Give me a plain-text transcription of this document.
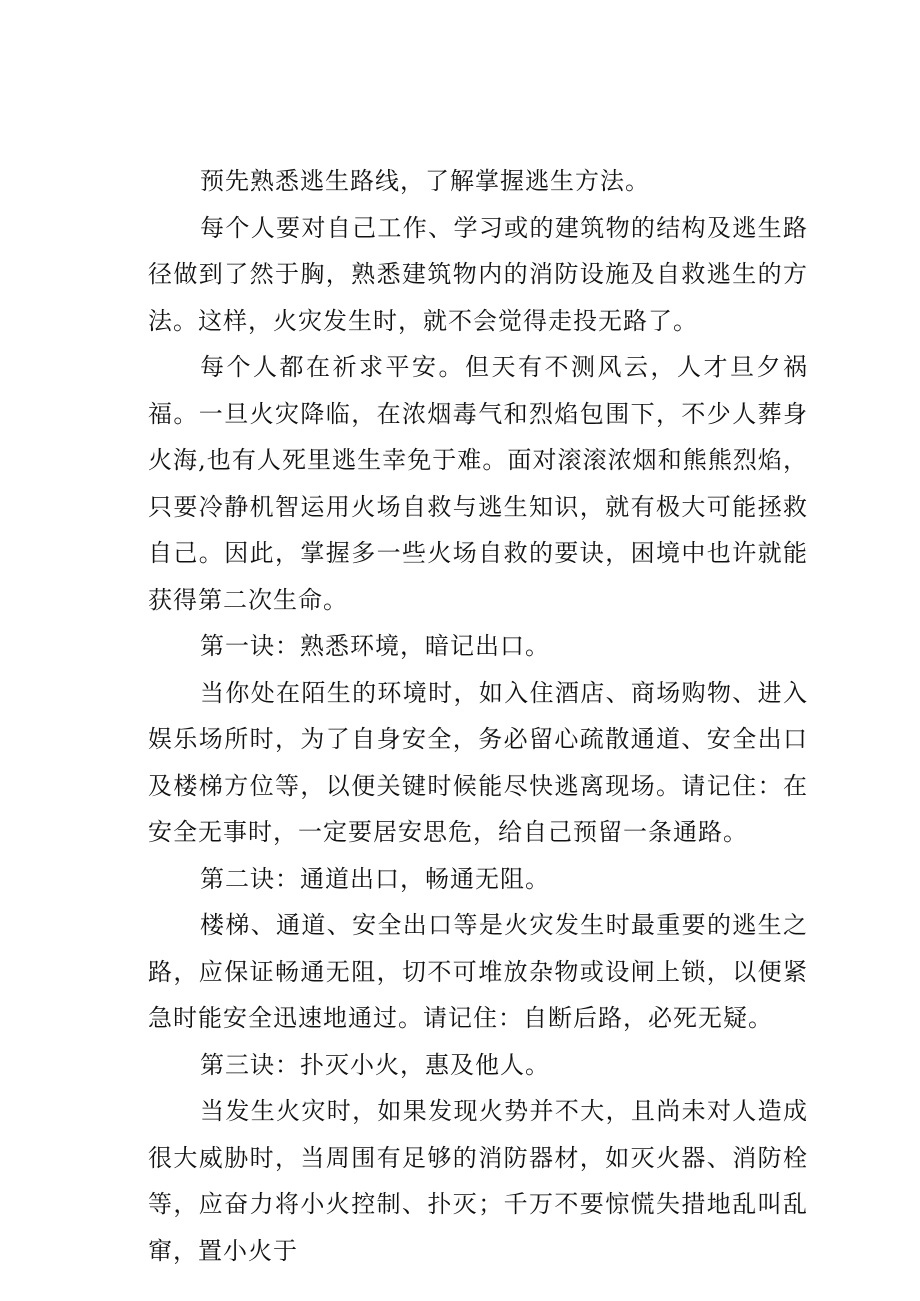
预先熟悉逃生路线，了解掌握逃生方法。

每个人要对自己工作、学习或的建筑物的结构及逃生路径做到了然于胸，熟悉建筑物内的消防设施及自救逃生的方法。这样，火灾发生时，就不会觉得走投无路了。

每个人都在祈求平安。但天有不测风云，人才旦夕祸福。一旦火灾降临，在浓烟毒气和烈焰包围下，不少人葬身火海,也有人死里逃生幸免于难。面对滚滚浓烟和熊熊烈焰，只要冷静机智运用火场自救与逃生知识，就有极大可能拯救自己。因此，掌握多一些火场自救的要诀，困境中也许就能获得第二次生命。

第一诀：熟悉环境，暗记出口。

当你处在陌生的环境时，如入住酒店、商场购物、进入娱乐场所时，为了自身安全，务必留心疏散通道、安全出口及楼梯方位等，以便关键时候能尽快逃离现场。请记住：在安全无事时，一定要居安思危，给自己预留一条通路。

第二诀：通道出口，畅通无阻。

楼梯、通道、安全出口等是火灾发生时最重要的逃生之路，应保证畅通无阻，切不可堆放杂物或设闸上锁，以便紧急时能安全迅速地通过。请记住：自断后路，必死无疑。

第三诀：扑灭小火，惠及他人。

当发生火灾时，如果发现火势并不大，且尚未对人造成很大威胁时，当周围有足够的消防器材，如灭火器、消防栓等，应奋力将小火控制、扑灭；千万不要惊慌失措地乱叫乱窜，置小火于
